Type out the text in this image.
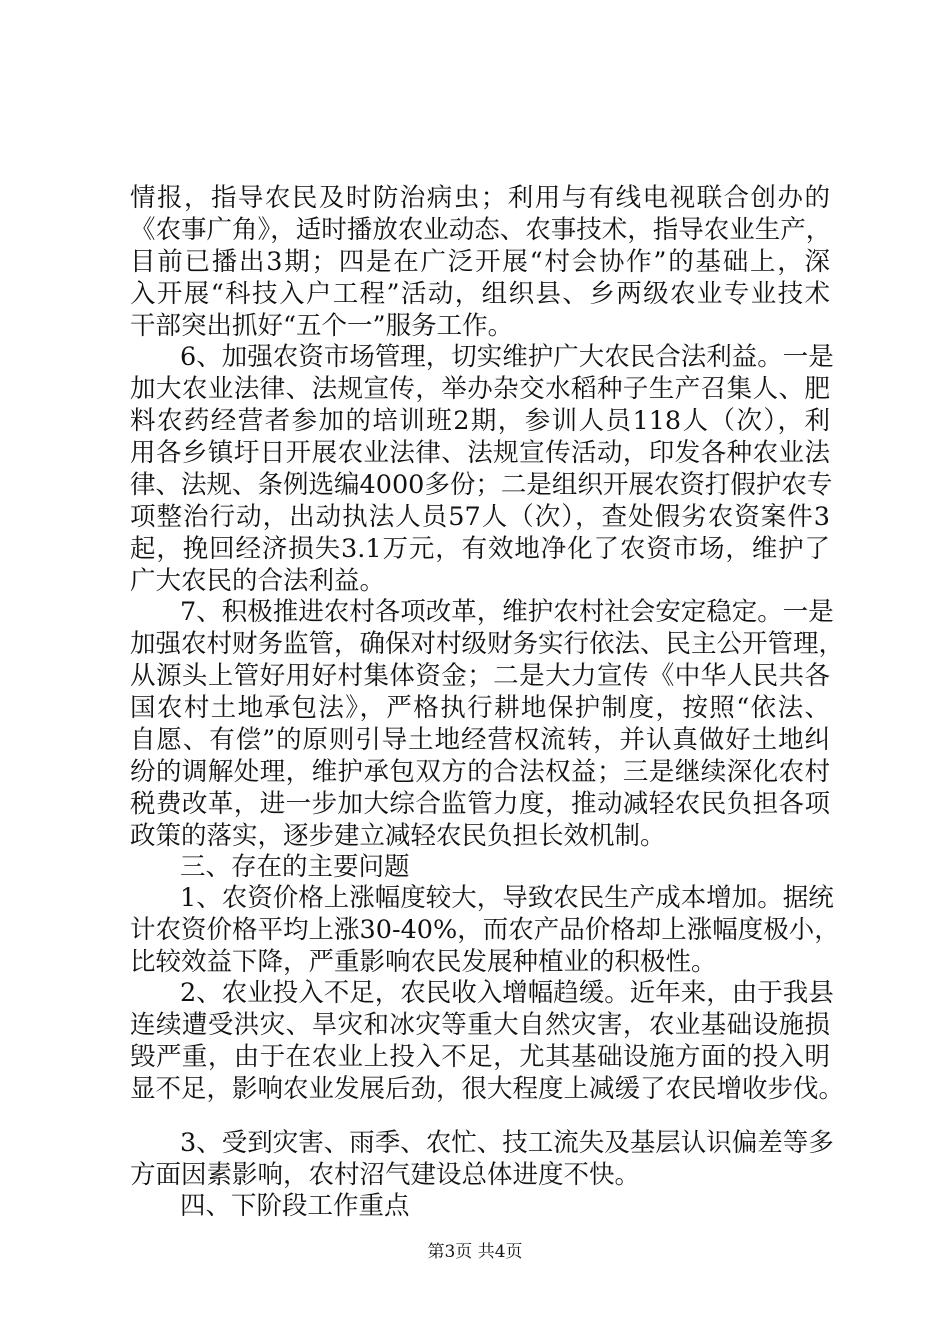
情报，指导农民及时防治病虫；利用与有线电视联合创办的
《农事广角》，适时播放农业动态、农事技术，指导农业生产，
目前已播出3期；四是在广泛开展“村会协作”的基础上，深
入开展“科技入户工程”活动，组织县、乡两级农业专业技术
干部突出抓好“五个一”服务工作。
6、加强农资市场管理，切实维护广大农民合法利益。一是
加大农业法律、法规宣传，举办杂交水稻种子生产召集人、肥
料农药经营者参加的培训班2期，参训人员118人（次），利
用各乡镇圩日开展农业法律、法规宣传活动，印发各种农业法
律、法规、条例选编4000多份；二是组织开展农资打假护农专
项整治行动，出动执法人员57人（次），查处假劣农资案件3
起，挽回经济损失3.1万元，有效地净化了农资市场，维护了
广大农民的合法利益。
7、积极推进农村各项改革，维护农村社会安定稳定。一是
加强农村财务监管，确保对村级财务实行依法、民主公开管理，
从源头上管好用好村集体资金；二是大力宣传《中华人民共各
国农村土地承包法》，严格执行耕地保护制度，按照“依法、
自愿、有偿”的原则引导土地经营权流转，并认真做好土地纠
纷的调解处理，维护承包双方的合法权益；三是继续深化农村
税费改革，进一步加大综合监管力度，推动减轻农民负担各项
政策的落实，逐步建立减轻农民负担长效机制。
三、存在的主要问题
1、农资价格上涨幅度较大，导致农民生产成本增加。据统
计农资价格平均上涨30-40%，而农产品价格却上涨幅度极小，
比较效益下降，严重影响农民发展种植业的积极性。
2、农业投入不足，农民收入增幅趋缓。近年来，由于我县
连续遭受洪灾、旱灾和冰灾等重大自然灾害，农业基础设施损
毁严重，由于在农业上投入不足，尤其基础设施方面的投入明
显不足，影响农业发展后劲，很大程度上减缓了农民增收步伐。
3、受到灾害、雨季、农忙、技工流失及基层认识偏差等多
方面因素影响，农村沼气建设总体进度不快。
四、下阶段工作重点
第3页 共4页
